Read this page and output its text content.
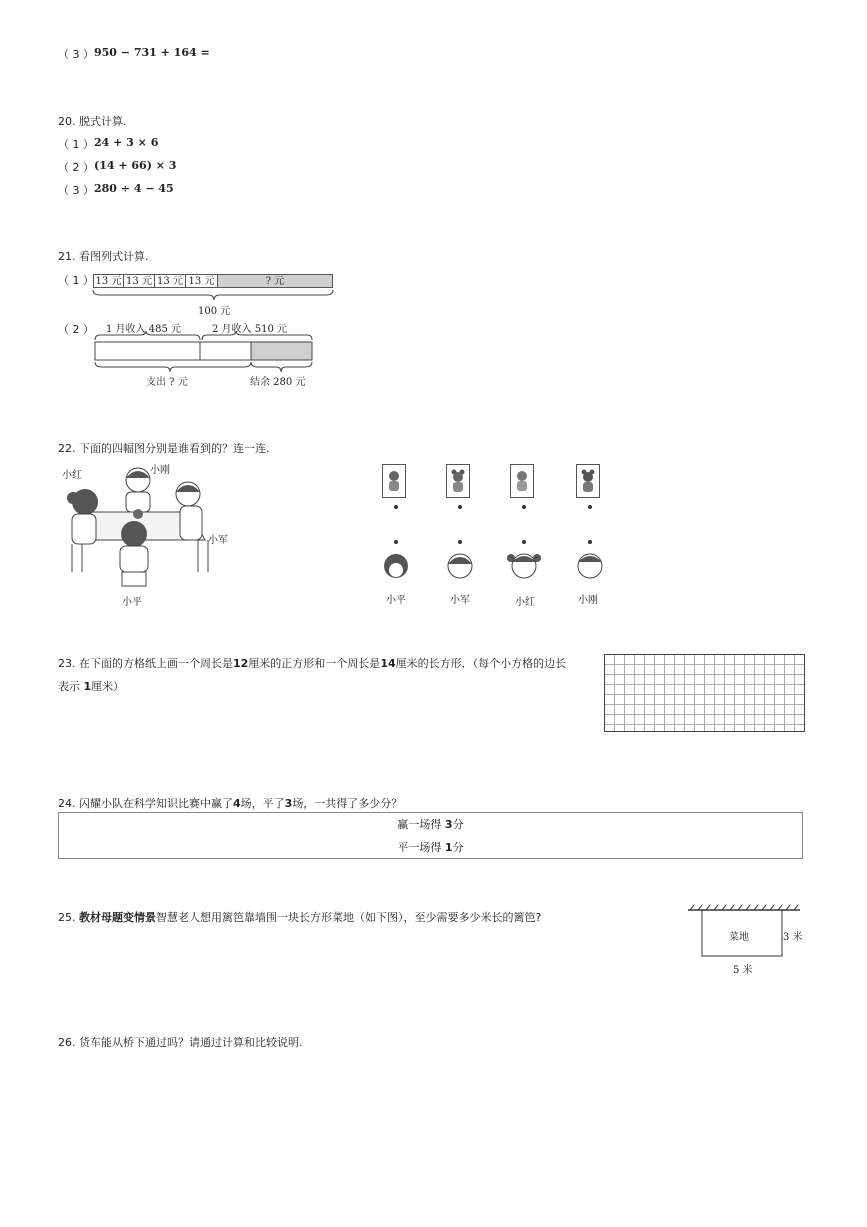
（ 3 ） 950 − 731 + 164 =
20. 脱式计算.
（ 1 ） 24 + 3 × 6
（ 2 ） (14 + 66) × 3
（ 3 ） 280 ÷ 4 − 45
21. 看图列式计算.
（ 1 ） 13 元 13 元 13 元 13 元	? 元
100 元
（ 2 ） 1 月收入 485 元	2 月收入 510 元
支出 ? 元	结余 280 元
22. 下面的四幅图分别是谁看到的？连一连.
小红	小刚
小军
小平	小平	小军	小红	小刚
23. 在下面的方格纸上画一个周长是12厘米的正方形和一个周长是14厘米的长方形．（每个小方格的边长
表示 1厘米）
24. 闪耀小队在科学知识比赛中赢了4场，平了3场，一共得了多少分？
赢一场得 3分
平一场得 1分
25. 教材母题变情景智慧老人想用篱笆靠墙围一块长方形菜地（如下图），至少需要多少米长的篱笆?
菜地	3 米
5 米
26. 货车能从桥下通过吗？请通过计算和比较说明.
